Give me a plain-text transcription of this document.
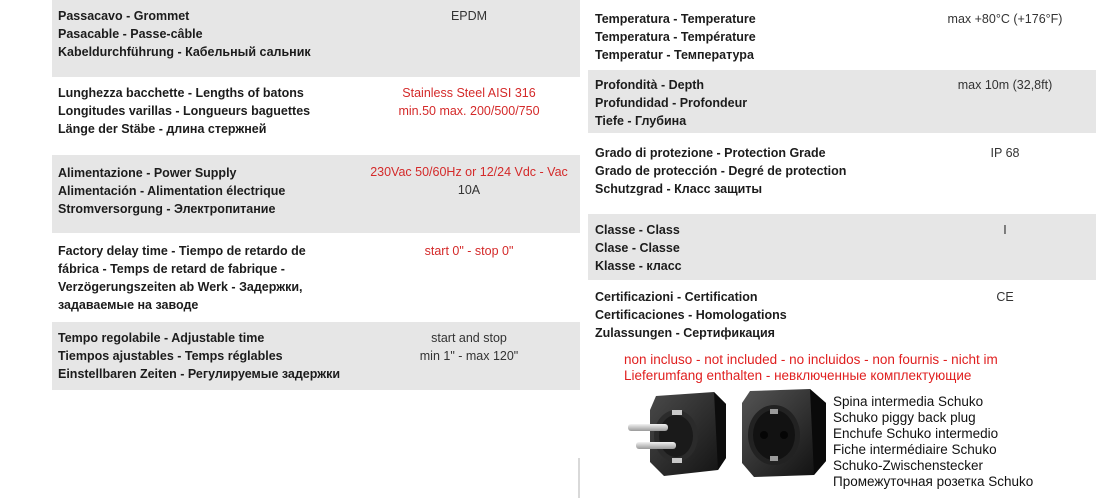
Passacavo - Grommet
Pasacable - Passe-câble
Kabeldurchführung - Кабельный сальник
EPDM
Lunghezza bacchette - Lengths of batons
Longitudes varillas - Longueurs baguettes
Länge der Stäbe - длина стержней
Stainless Steel AISI 316
min.50 max. 200/500/750
Alimentazione - Power Supply
Alimentación - Alimentation électrique
Stromversorgung - Электропитание
230Vac 50/60Hz or 12/24 Vdc - Vac
10A
Factory delay time - Tiempo de retardo de
fábrica - Temps de retard de fabrique -
Verzögerungszeiten ab Werk - Задержки,
задаваемые на заводе
start 0" - stop 0"
Tempo regolabile - Adjustable time
Tiempos ajustables - Temps réglables
Einstellbaren Zeiten - Регулируемые задержки
start and stop
min 1" - max 120"
Temperatura - Temperature
Temperatura - Température
Temperatur - Температура
max +80°C (+176°F)
Profondità - Depth
Profundidad - Profondeur
Tiefe - Глубина
max 10m (32,8ft)
Grado di protezione - Protection Grade
Grado de protección - Degré de protection
Schutzgrad - Класс защиты
IP 68
Classe - Class
Clase - Classe
Klasse - класс
I
Certificazioni - Certification
Certificaciones - Homologations
Zulassungen - Сертификация
CE
non incluso - not included - no incluidos - non fournis - nicht im
Lieferumfang enthalten - невключенные комплектующие
Spina intermedia Schuko
Schuko piggy back plug
Enchufe Schuko intermedio
Fiche intermédiaire Schuko
Schuko-Zwischenstecker
Промежуточная розетка Schuko
